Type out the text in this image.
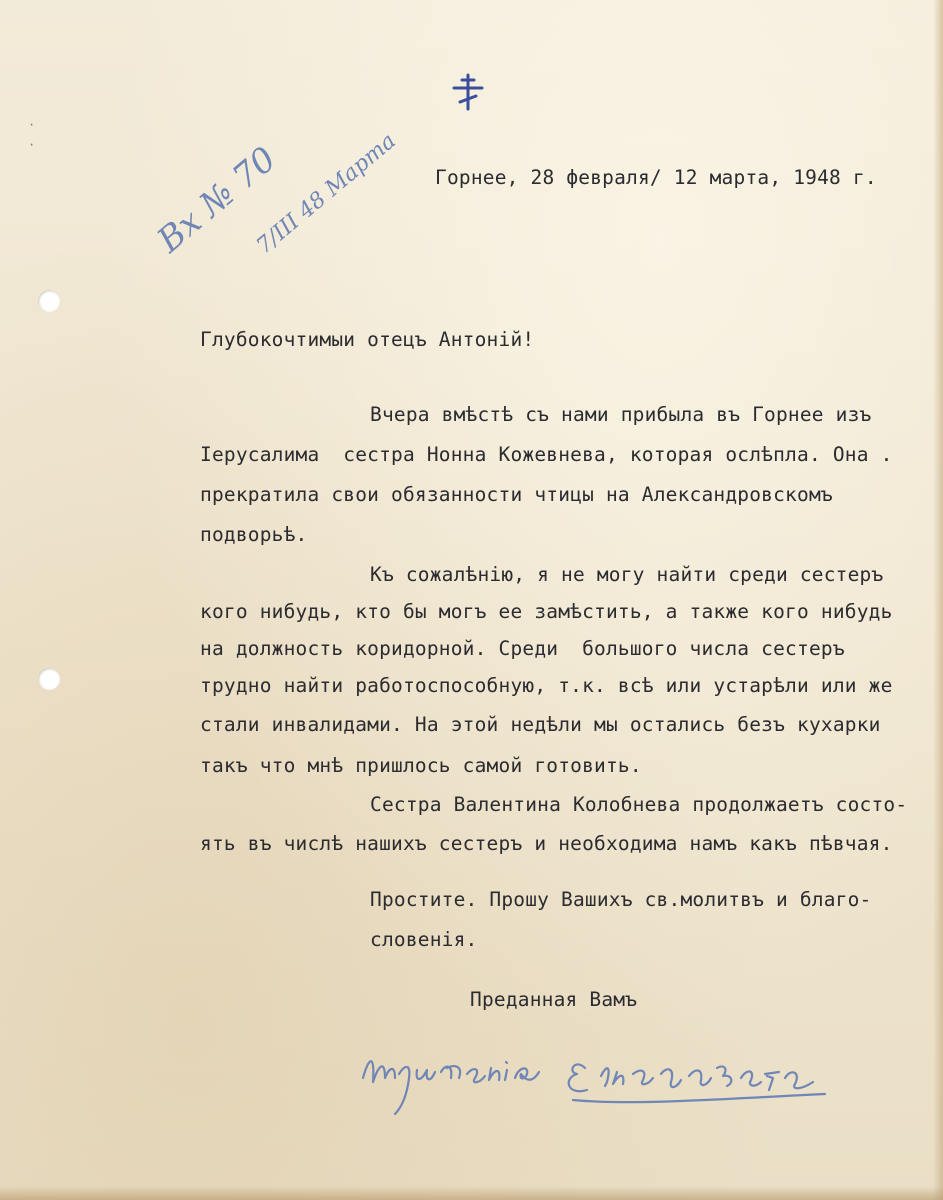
·
·
Горнее, 28 февраля/ 12 марта, 1948 г.
Вх № 70
7/III 48 Марта
Глубокочтимыи отецъ Антонiй!
Вчера вмѣстѣ съ нами прибыла въ Горнее изъ
Iерусалима  сестра Нонна Кожевнева, которая ослѣпла. Она .
прекратила свои обязанности чтицы на Александровскомъ
подворьѣ.
Къ сожалѣнiю, я не могу найти среди сестеръ
кого нибудь, кто бы могъ ее замѣстить, а также кого нибудь
на должность коридорной. Среди  большого числа сестеръ
трудно найти работоспособную, т.к. всѣ или устарѣли или же
стали инвалидами. На этой недѣли мы остались безъ кухарки
такъ что мнѣ пришлось самой готовить.
Сестра Валентина Колобнева продолжаетъ состо-
ять въ числѣ нашихъ сестеръ и необходима намъ какъ пѣвчая.
Простите. Прошу Вашихъ св.молитвъ и благо-
словенiя.
Преданная Вамъ
